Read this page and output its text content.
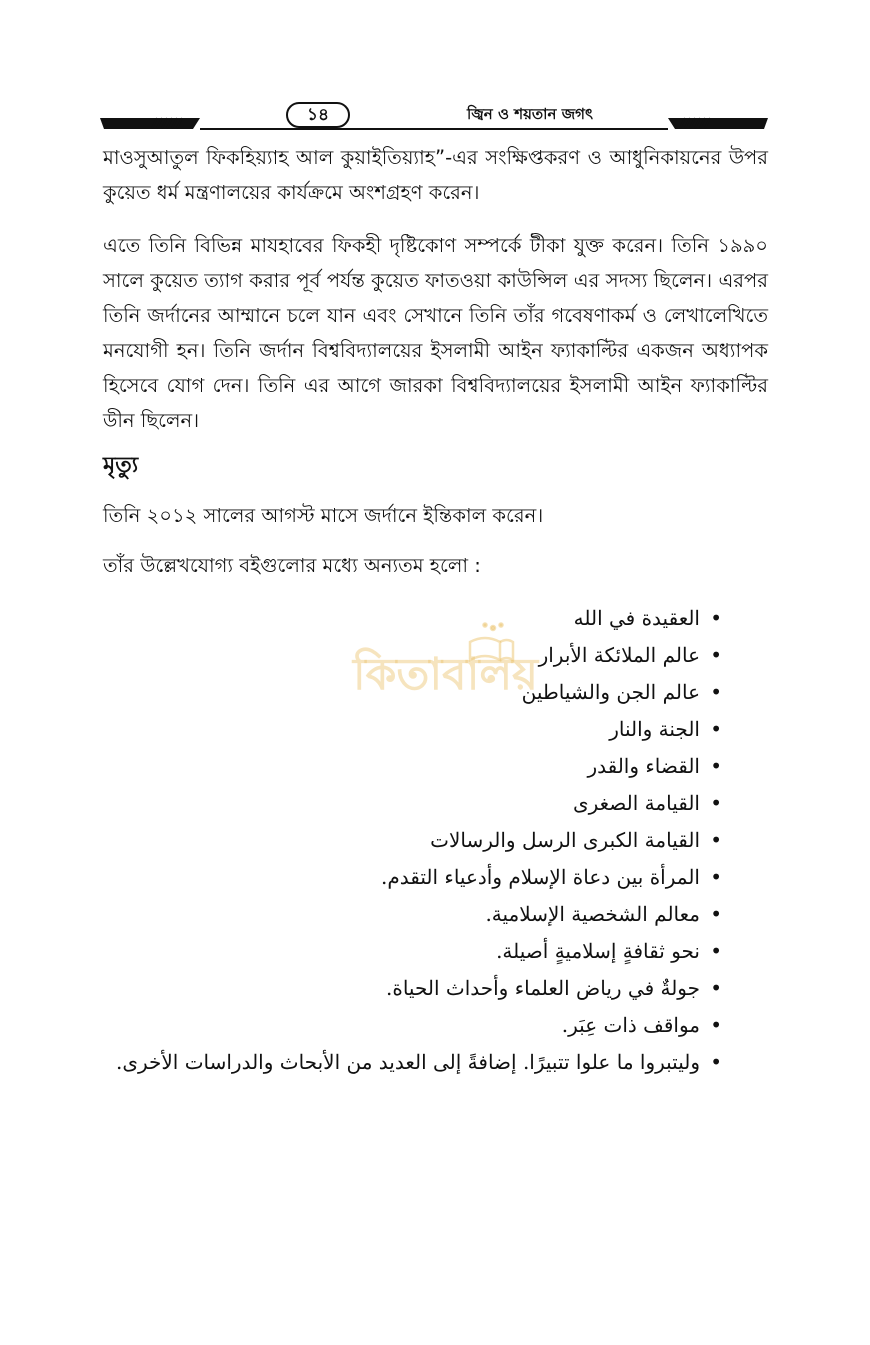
১৪	জ্বিন ও শয়তান জগৎ

মাওসুআতুল ফিকহিয়্যাহ আল কুয়াইতিয়্যাহ”-এর সংক্ষিপ্তকরণ ও আধুনিকায়নের উপর কুয়েত ধর্ম মন্ত্রণালয়ের কার্যক্রমে অংশগ্রহণ করেন।

এতে তিনি বিভিন্ন মাযহাবের ফিকহী দৃষ্টিকোণ সম্পর্কে টীকা যুক্ত করেন। তিনি ১৯৯০ সালে কুয়েত ত্যাগ করার পূর্ব পর্যন্ত কুয়েত ফাতওয়া কাউন্সিল এর সদস্য ছিলেন। এরপর তিনি জর্দানের আম্মানে চলে যান এবং সেখানে তিনি তাঁর গবেষণাকর্ম ও লেখালেখিতে মনযোগী হন। তিনি জর্দান বিশ্ববিদ্যালয়ের ইসলামী আইন ফ্যাকাল্টির একজন অধ্যাপক হিসেবে যোগ দেন। তিনি এর আগে জারকা বিশ্ববিদ্যালয়ের ইসলামী আইন ফ্যাকাল্টির ডীন ছিলেন।

মৃত্যু

তিনি ২০১২ সালের আগস্ট মাসে জর্দানে ইন্তিকাল করেন।

তাঁর উল্লেখযোগ্য বইগুলোর মধ্যে অন্যতম হলো :

• العقيدة في الله
• عالم الملائكة الأبرار
• عالم الجن والشياطين
• الجنة والنار
• القضاء والقدر
• القيامة الصغرى
• القيامة الكبرى الرسل والرسالات
• المرأة بين دعاة الإسلام وأدعياء التقدم.
• معالم الشخصية الإسلامية.
• نحو ثقافةٍ إسلاميةٍ أصيلة.
• جولةٌ في رياض العلماء وأحداث الحياة.
• مواقف ذات عِبَر.
• وليتبروا ما علوا تتبيرًا. إضافةً إلى العديد من الأبحاث والدراسات الأخرى.
কিতাবালয়
